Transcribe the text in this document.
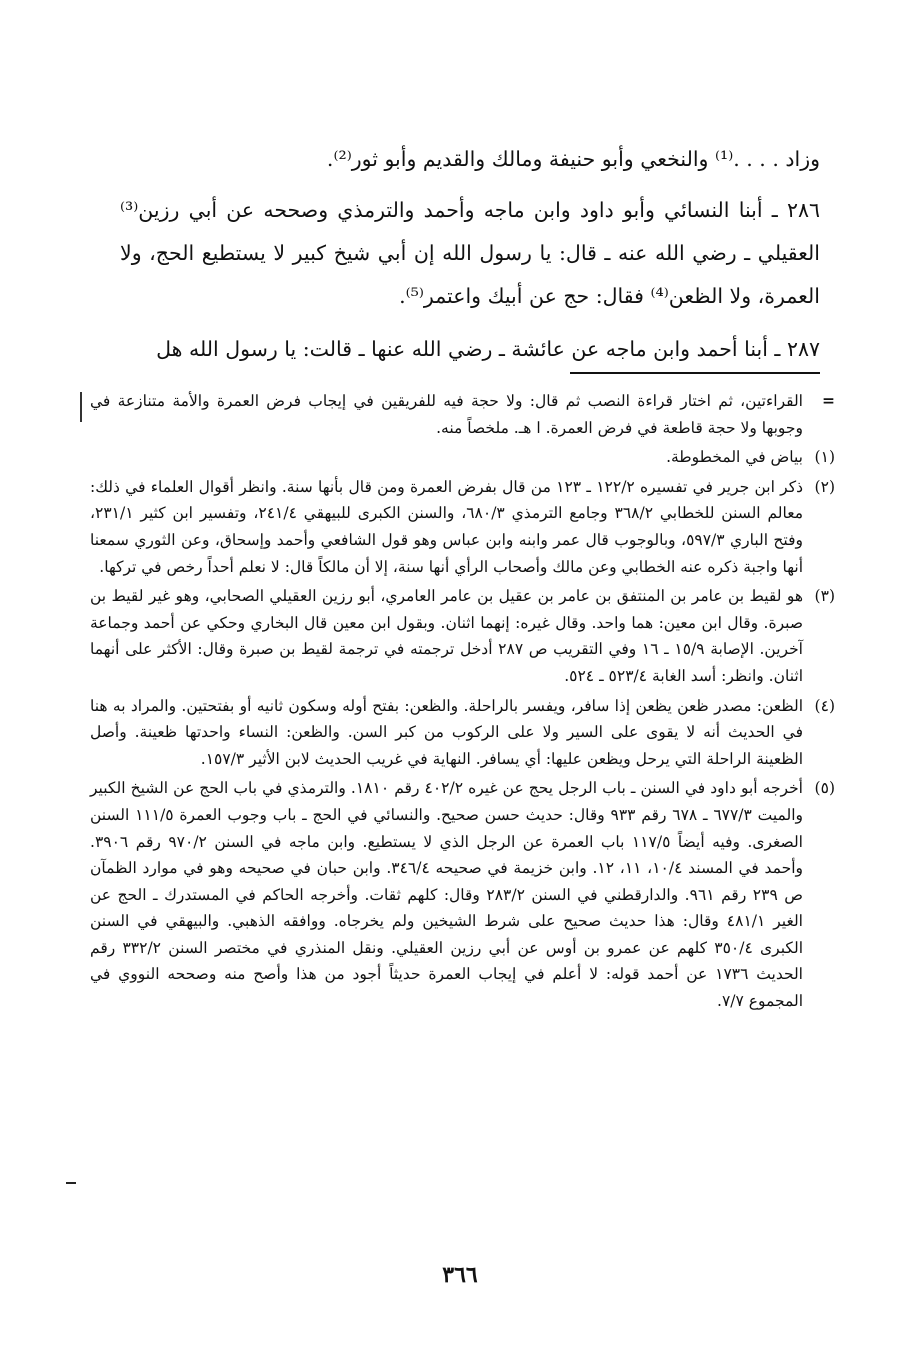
وزاد . . . .⁽¹⁾ والنخعي وأبو حنيفة ومالك والقديم وأبو ثور⁽²⁾.

٢٨٦ ـ أبنا النسائي وأبو داود وابن ماجه وأحمد والترمذي وصححه عن أبي رزين⁽³⁾ العقيلي ـ رضي الله عنه ـ قال: يا رسول الله إن أبي شيخ كبير لا يستطيع الحج، ولا العمرة، ولا الظعن⁽⁴⁾ فقال: حج عن أبيك واعتمر⁽⁵⁾.

٢٨٧ ـ أبنا أحمد وابن ماجه عن عائشة ـ رضي الله عنها ـ قالت: يا رسول الله هل

=
القراءتين، ثم اختار قراءة النصب ثم قال: ولا حجة فيه للفريقين في إيجاب فرض العمرة والأمة متنازعة في وجوبها ولا حجة قاطعة في فرض العمرة. ا هـ. ملخصاً منه.
(١)
بياض في المخطوطة.
(٢)
ذكر ابن جرير في تفسيره ١٢٢/٢ ـ ١٢٣ من قال بفرض العمرة ومن قال بأنها سنة. وانظر أقوال العلماء في ذلك: معالم السنن للخطابي ٣٦٨/٢ وجامع الترمذي ٦٨٠/٣، والسنن الكبرى للبيهقي ٢٤١/٤، وتفسير ابن كثير ٢٣١/١، وفتح الباري ٥٩٧/٣، وبالوجوب قال عمر وابنه وابن عباس وهو قول الشافعي وأحمد وإسحاق، وعن الثوري سمعنا أنها واجبة ذكره عنه الخطابي وعن مالك وأصحاب الرأي أنها سنة، إلا أن مالكاً قال: لا نعلم أحداً رخص في تركها.
(٣)
هو لقيط بن عامر بن المنتفق بن عامر بن عقيل بن عامر العامري، أبو رزين العقيلي الصحابي، وهو غير لقيط بن صبرة. وقال ابن معين: هما واحد. وقال غيره: إنهما اثنان. وبقول ابن معين قال البخاري وحكي عن أحمد وجماعة آخرين. الإصابة ١٥/٩ ـ ١٦ وفي التقريب ص ٢٨٧ أدخل ترجمته في ترجمة لقيط بن صبرة وقال: الأكثر على أنهما اثنان. وانظر: أسد الغابة ٥٢٣/٤ ـ ٥٢٤.
(٤)
الظعن: مصدر ظعن يظعن إذا سافر، ويفسر بالراحلة. والظعن: بفتح أوله وسكون ثانيه أو بفتحتين. والمراد به هنا في الحديث أنه لا يقوى على السير ولا على الركوب من كبر السن. والظعن: النساء واحدتها ظعينة. وأصل الظعينة الراحلة التي يرحل ويظعن عليها: أي يسافر. النهاية في غريب الحديث لابن الأثير ١٥٧/٣.
(٥)
أخرجه أبو داود في السنن ـ باب الرجل يحج عن غيره ٤٠٢/٢ رقم ١٨١٠. والترمذي في باب الحج عن الشيخ الكبير والميت ٦٧٧/٣ ـ ٦٧٨ رقم ٩٣٣ وقال: حديث حسن صحيح. والنسائي في الحج ـ باب وجوب العمرة ١١١/٥ السنن الصغرى. وفيه أيضاً ١١٧/٥ باب العمرة عن الرجل الذي لا يستطيع. وابن ماجه في السنن ٩٧٠/٢ رقم ٣٩٠٦. وأحمد في المسند ١٠/٤، ١١، ١٢. وابن خزيمة في صحيحه ٣٤٦/٤. وابن حبان في صحيحه وهو في موارد الظمآن ص ٢٣٩ رقم ٩٦١. والدارقطني في السنن ٢٨٣/٢ وقال: كلهم ثقات. وأخرجه الحاكم في المستدرك ـ الحج عن الغير ٤٨١/١ وقال: هذا حديث صحيح على شرط الشيخين ولم يخرجاه. ووافقه الذهبي. والبيهقي في السنن الكبرى ٣٥٠/٤ كلهم عن عمرو بن أوس عن أبي رزين العقيلي. ونقل المنذري في مختصر السنن ٣٣٢/٢ رقم الحديث ١٧٣٦ عن أحمد قوله: لا أعلم في إيجاب العمرة حديثاً أجود من هذا وأصح منه وصححه النووي في المجموع ٧/٧.
٣٦٦
